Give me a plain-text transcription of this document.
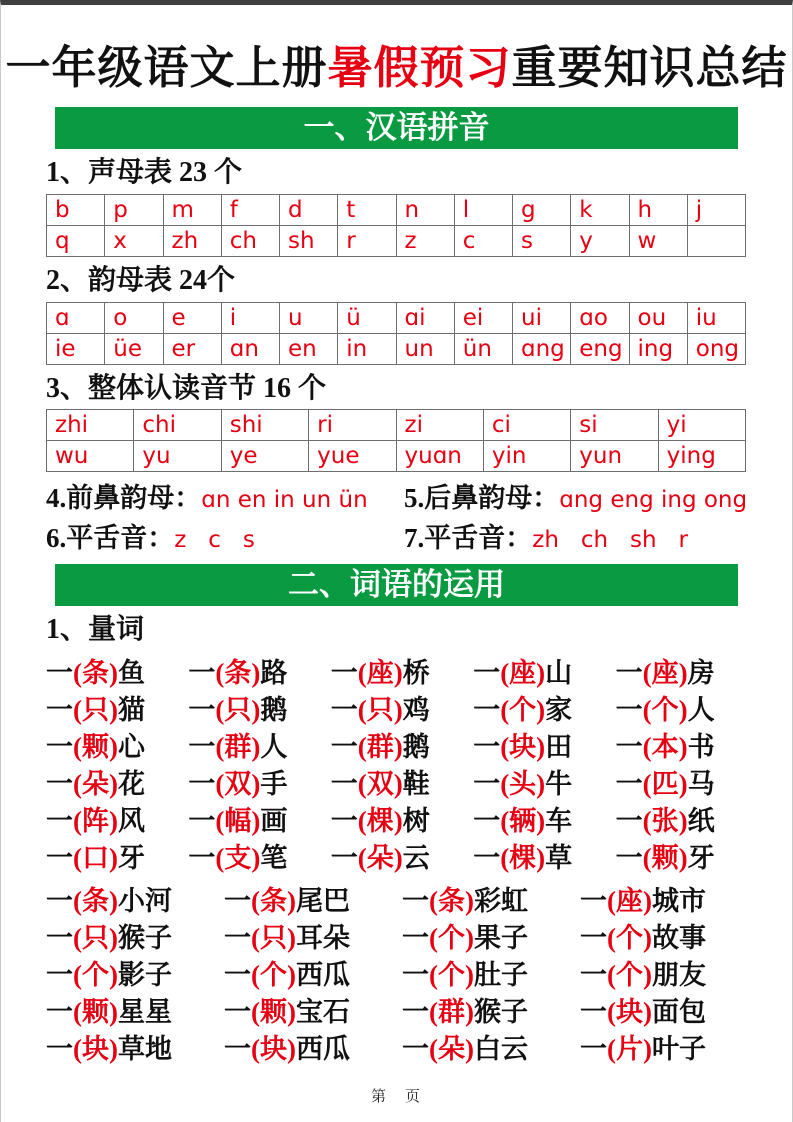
一年级语文上册暑假预习重要知识总结
一、汉语拼音
1、声母表 23 个
b	p	m	f	d	t	n	l	g	k	h	j
q	x	zh	ch	sh	r	z	c	s	y	w	
2、韵母表 24个
ɑ	o	e	i	u	ü	ɑi	ei	ui	ɑo	ou	iu
ie	üe	er	ɑn	en	in	un	ün	ɑng	eng	ing	ong
3、整体认读音节 16 个
zhi	chi	shi	ri	zi	ci	si	yi
wu	yu	ye	yue	yuɑn	yin	yun	ying
4.前鼻韵母： ɑn en in un ün 5.后鼻韵母： ɑng eng ing ong
6.平舌音： z   c   s	7.平舌音： zh   ch   sh   r
二、词语的运用
1、量词
一 (条) 鱼 一 (条) 路 一 (座) 桥 一 (座) 山 一 (座) 房
一 (只) 猫 一 (只) 鹅 一 (只) 鸡 一 (个) 家 一 (个) 人
一 (颗) 心 一 (群) 人 一 (群) 鹅 一 (块) 田 一 (本) 书
一 (朵) 花 一 (双) 手 一 (双) 鞋 一 (头) 牛 一 (匹) 马
一 (阵) 风 一 (幅) 画 一 (棵) 树 一 (辆) 车 一 (张) 纸
一 (口) 牙 一 (支) 笔 一 (朵) 云 一 (棵) 草 一 (颗) 牙
一 (条) 小河 一 (条) 尾巴 一 (条) 彩虹 一 (座) 城市
一 (只) 猴子 一 (只) 耳朵 一 (个) 果子 一 (个) 故事
一 (个) 影子 一 (个) 西瓜 一 (个) 肚子 一 (个) 朋友
一 (颗) 星星 一 (颗) 宝石 一 (群) 猴子 一 (块) 面包
一 (块) 草地 一 (块) 西瓜 一 (朵) 白云 一 (片) 叶子
第　页
